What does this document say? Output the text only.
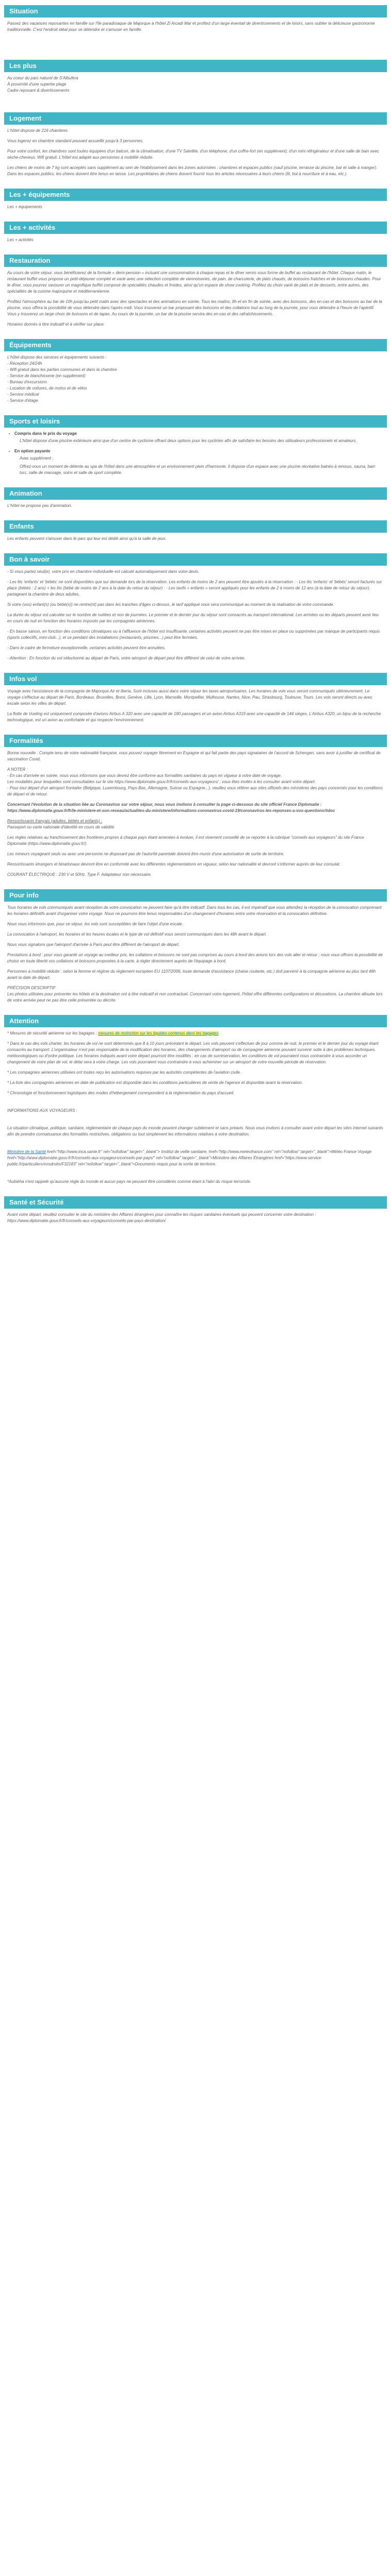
Situation

Passez des vacances reposantes en famille sur l'île paradisiaque de Majorque à l'hôtel Zi Arcadi Mar et profitez d'un large éventail de divertissements et de loisirs, sans oublier la délicieuse gastronomie traditionnelle. C'est l'endroit idéal pour se détendre et s'amuser en famille.

Les plus

Au coeur du parc naturel de S'Albufera

À proximité d'une superbe plage

Cadre reposant & divertissements

Logement

L'hôtel dispose de 216 chambres

Vous logerez en chambre standard pouvant accueillir jusqu'à 3 personnes.

Pour votre confort, les chambres sont toutes équipées d'un balcon, de la climatisation, d'une TV Satellite, d'un téléphone, d'un coffre-fort (en supplément), d'un mini réfrigérateur et d'une salle de bain avec sèche-cheveux. Wifi gratuit. L'hôtel est adapté aux personnes à mobilité réduite.

Les chiens de moins de 7 kg sont acceptés sans supplément au sein de l'établissement dans les zones autorisées : chambres et espaces publics (sauf piscine, terrasse du piscine, bar et salle à manger). Dans les espaces publics, les chiens doivent être tenus en laisse. Les propriétaires de chiens doivent fournir tous les articles nécessaires à leurs chiens (lit, bol à nourriture et à eau, etc.).

Les + équipements

Les + équipements

Les + activités

Les + activités

Restauration

Au cours de votre séjour, vous bénéficierez de la formule « demi-pension » incluant une consommation à chaque repas et le dîner servis sous forme de buffet au restaurant de l'hôtel. Chaque matin, le restaurant buffet vous propose un petit-déjeuner complet et varié avec une sélection complète de viennoiseries, de pain, de charcuterie, de plats chauds, de boissons fraîches et de boissons chaudes. Pour le dîner, vous pourrez savourer un magnifique buffet composé de spécialités chaudes et froides, ainsi qu'un espace de show cooking. Profitez du choix varié de plats et de desserts, entre autres, des spécialités de la cuisine majorquine et méditerranéenne.

Profitez l'atmosphère au bar de 10h jusqu'au petit matin avec des spectacles et des animations en soirée. Tous les matins, 8h et en fin de soirée, avec des boissons, des en-cas et des boissons au bar de la piscine, vous offrira la possibilité de vous détendre dans l'après-midi. Vous trouverez un bar proposant des boissons et des collations tout au long de la journée, pour vous détendre à l'heure de l'apéritif. Vous y trouverez un large choix de boissons et de tapas. Au cours de la journée, un bar de la piscine servira des en-cas et des rafraîchissements.

Horaires donnés à titre indicatif et à vérifier sur place.

Équipements

L'hôtel dispose des services et équipements suivants :

- Réception 24/24h

- Wifi gratuit dans les parties communes et dans la chambre

- Service de blanchisserie (en supplément)

- Bureau d'excursions

- Location de voitures, de motos et de vélos

- Service médical

- Service d'étage

Sports et loisirs
• Compris dans le prix du voyage

L'hôtel dispose d'une piscine extérieure ainsi que d'un centre de cyclisme offrant deux options pour les cyclistes afin de satisfaire les besoins des utilisateurs professionnels et amateurs.

• En option payante

Avec supplément :

Offrez-vous un moment de détente au spa de l'hôtel dans une atmosphère et un environnement plein d'harmonie. Il dispose d'un espace avec une piscine récréative balnéo à remous, sauna, bain turc, salle de massage, soins et salle de sport complète.

Animation

L'hôtel ne propose pas d'animation.

Enfants

Les enfants peuvent s'amuser dans le parc qui leur est dédié ainsi qu'à la salle de jeux.

Bon à savoir

- Si vous partez seul(e), votre prix en chambre individuelle est calculé automatiquement dans votre devis.

- Les lits 'enfants' et 'bébés' ne sont disponibles que sur demande lors de la réservation. Les enfants de moins de 2 ans peuvent être ajoutés à la réservation : - Les lits 'enfants' et 'bébés' seront facturés sur place (bébés : 2 ans) + les lits (bébé de moins de 2 ans à la date du retour du séjour) : - Les taxifs « enfants » seront appliqués pour les enfants de 2 à moins de 12 ans (à la date de retour du séjour), partageant la chambre de deux adultes.

Si votre (vos) enfant(s) (ou bébé(s)) ne rentre(nt) pas dans les tranches d'âges ci-dessus, le tarif appliqué vous sera communiqué au moment de la réalisation de votre commande.

La durée du séjour est calculée sur le nombre de nuitées et non de journées. Le premier et le dernier jour du séjour sont consacrés au transport international. Les arrivées ou les départs peuvent avoir lieu en cours de nuit en fonction des horaires imposés par les compagnies aériennes.

- En basse saison, en fonction des conditions climatiques ou à l'affluence de l'hôtel est insuffisante, certaines activités peuvent ne pas être mises en place ou supprimées par manque de participants requis (sports collectifs, mini-club...), et ce pendant des installations (restaurants, piscines...) peut être fermées.

- Dans le cadre de fermeture exceptionnelle, certaines activités peuvent être annulées.

- Attention : En fonction du vol sélectionné au départ de Paris, votre aéroport de départ peut être différent de celui de votre arrivée.

Infos vol

Voyage avec l'assistance de la compagnie de Majorque Air et Iberia. Sont incluses aussi dans votre séjour les taxes aéroportuaires. Les horaires de vols vous seront communiqués ultérieurement. Le voyage s'effectue au départ de Paris, Bordeaux, Bruxelles, Brest, Genève, Lille, Lyon, Marseille, Montpellier, Mulhouse, Nantes, Nice, Pau, Strasbourg, Toulouse, Tours. Les vols seront directs ou avec escale selon les villes de départ.

La flotte de Vueling est uniquement composée d'avions Airbus A 320 avec une capacité de 180 passagers et un avion Airbus A319 avec une capacité de 144 sièges. L'Airbus A320, un bijou de la recherche technologique, est un avion au confortable et qui respecte l'environnement.

Formalités

Bonne nouvelle : Compte tenu de votre nationalité française, vous pouvez voyager librement en Espagne et qui fait partie des pays signataires de l'accord de Schengen, sans avoir à justifier de certificat de vaccination Covid.

A NOTER :

- En cas d'arrivée en soirée, nous vous informons que vous devrez être conforme aux formalités sanitaires du pays en vigueur à votre date de voyage.

Les modalités pour lesquelles sont consultables sur le site https://www.diplomatie.gouv.fr/fr/conseils-aux-voyageurs/ ; vous êtes invités à les consulter avant votre départ.

- Pour tout départ d'un aéroport frontalier (Belgique, Luxembourg, Pays-Bas, Allemagne, Suisse ou Espagne...), veuillez vous référer aux sites officiels des ministères des pays concernés pour les conditions de départ et de retour.

Concernant l'évolution de la situation liée au Coronavirus sur votre séjour, nous vous invitons à consulter la page ci-dessous du site officiel France Diplomatie : https://www.diplomatie.gouv.fr/fr/le-ministere-et-son-reseau/actualites-du-ministere/informations-coronavirus-covid-19/coronavirus-les-reponses-a-vos-questions/#doc

Ressortissants français (adultes, bébés et enfants) :

Passeport ou carte nationale d'identité en cours de validité.

Les règles relatives au franchissement des frontières propres à chaque pays étant amenées à évoluer, il est vivement conseillé de se reporter à la rubrique "conseils aux voyageurs" du site France Diplomatie (https://www.diplomatie.gouv.fr/).

Les mineurs voyageant seuls ou avec une personne ne disposant pas de l'autorité parentale doivent être munis d'une autorisation de sortie de territoire.

Ressortissants étrangers et binationaux devront être en conformité avec les différentes réglementations en vigueur, selon leur nationalité et devront s'informer auprès de leur consulat.

COURANT ÉLECTRIQUE : 230 V et 50Hz. Type F. Adaptateur non nécessaire.

Pour info

Tous horaires de vols communiqués avant réception de votre convocation ne peuvent faire qu'à titre indicatif. Dans tous les cas, il est impératif que vous attendiez la réception de la convocation comprenant les horaires définitifs avant d'organiser votre voyage. Nous ne pourrons être tenus responsables d'un changement d'horaires entre votre réservation et la convocation définitive.

Nous vous informons que, pour ce séjour, les vols sont susceptibles de faire l'objet d'une escale.

La convocation à l'aéroport, les horaires et les heures locales et le type de vol définitif vous seront communiqués dans les 48h avant le départ.

Nous vous signalons que l'aéroport d'arrivée à Paris peut être différent de l'aéroport de départ.

Prestations à bord : pour vous garantir un voyage au meilleur prix, les collations et boissons ne sont pas comprises au cours à bord des avions lors des vols aller et retour ; nous vous offrons la possibilité de choisir en toute liberté vos collations et boissons proposées à la carte, à régler directement auprès de l'équipage à bord.

Personnes à mobilité réduite : selon la femme et régime du règlement européen EU 1107/2006, toute demande d'assistance (chaise roulante, etc.) doit parvenir à la compagnie aérienne au plus tard 48h avant la date de départ.

PRÉCISION DESCRIPTIF

Les photos utilisées pour présenter les hôtels et la destination ont à titre indicatif et non contractuel. Concernant votre logement, l'hôtel offre différentes configurations et décorations. La chambre allouée lors de votre arrivée peut ne pas être celle présentée ou décrite.

Attention

* Mesures de sécurité aérienne sur les bagages : mesures de restriction sur les liquides contenus dans les bagages

* Dans le cas des vols charter, les horaires de vol ne sont déterminés que 8 à 10 jours précédant le départ. Les vols peuvent s'effectuer de jour comme de nuit, le premier et le dernier jour du voyage étant consacrés au transport. L'organisateur n'est pas responsable de la modification des horaires, des changements d'aéroport ou de compagnie aérienne pouvant survenir suite à des problèmes techniques, météorologiques ou d'ordre politique. Les horaires indiqués avant votre départ pourront être modifiés : en cas de surréservation, les conditions de vol pourraient nous contraindre à vous accorder un changement de votre plan de vol, le délai sera à votre charge. Les vols pourraient vous contraindre à vous acheminer sur un aéroport de votre nouvelle période de réservation.

* Les compagnies aériennes utilisées ont toutes reçu les autorisations requises par les autorités compétentes de l'aviation civile.

* La liste des compagnies aériennes en date de publication est disponible dans les conditions particulières de vente de l'agence et disponible avant la réservation.

* Chronologie et fonctionnement logistiques des modes d'hébergement correspondent à la réglementation du pays d'accueil.

INFORMATIONS AUX VOYAGEURS :

La situation climatique, politique, sanitaire, réglementaire de chaque pays du monde peuvent changer subitement et sans préavis. Nous vous invitons à consulter avant votre départ les sites internet suivants afin de prendre connaissance des formalités restrictives, obligations ou tout simplement les informations relatives à votre destination.

Ministère de la Santé href="http://www.inca.sante.fr" rel="nofollow" target="_blank"> Institut de veille sanitaire, href="http://www.meteofrance.com" rel="nofollow" target="_blank">Météo France Voyage href="http://www.diplomatie.gouv.fr/fr/conseils-aux-voyageurs/conseils-par-pays/" rel="nofollow" target="_blank">Ministère des Affaires Étrangères href="https://www.service-public.fr/particuliers/vosdroits/F32183" rel="nofollow" target="_blank">Documents requis pour la sortie de territoire.

*Aubiéha n'est rappelé qu'aucune règle du monde et aucun pays ne peuvent être considérés comme étant à l'abri du risque terroriste.

Santé et Sécurité

Avant votre départ, veuillez consulter le site du ministère des Affaires étrangères pour connaître les risques sanitaires éventuels qui peuvent concerner votre destination : https://www.diplomatie.gouv.fr/fr/conseils-aux-voyageurs/conseils-par-pays-destination/
